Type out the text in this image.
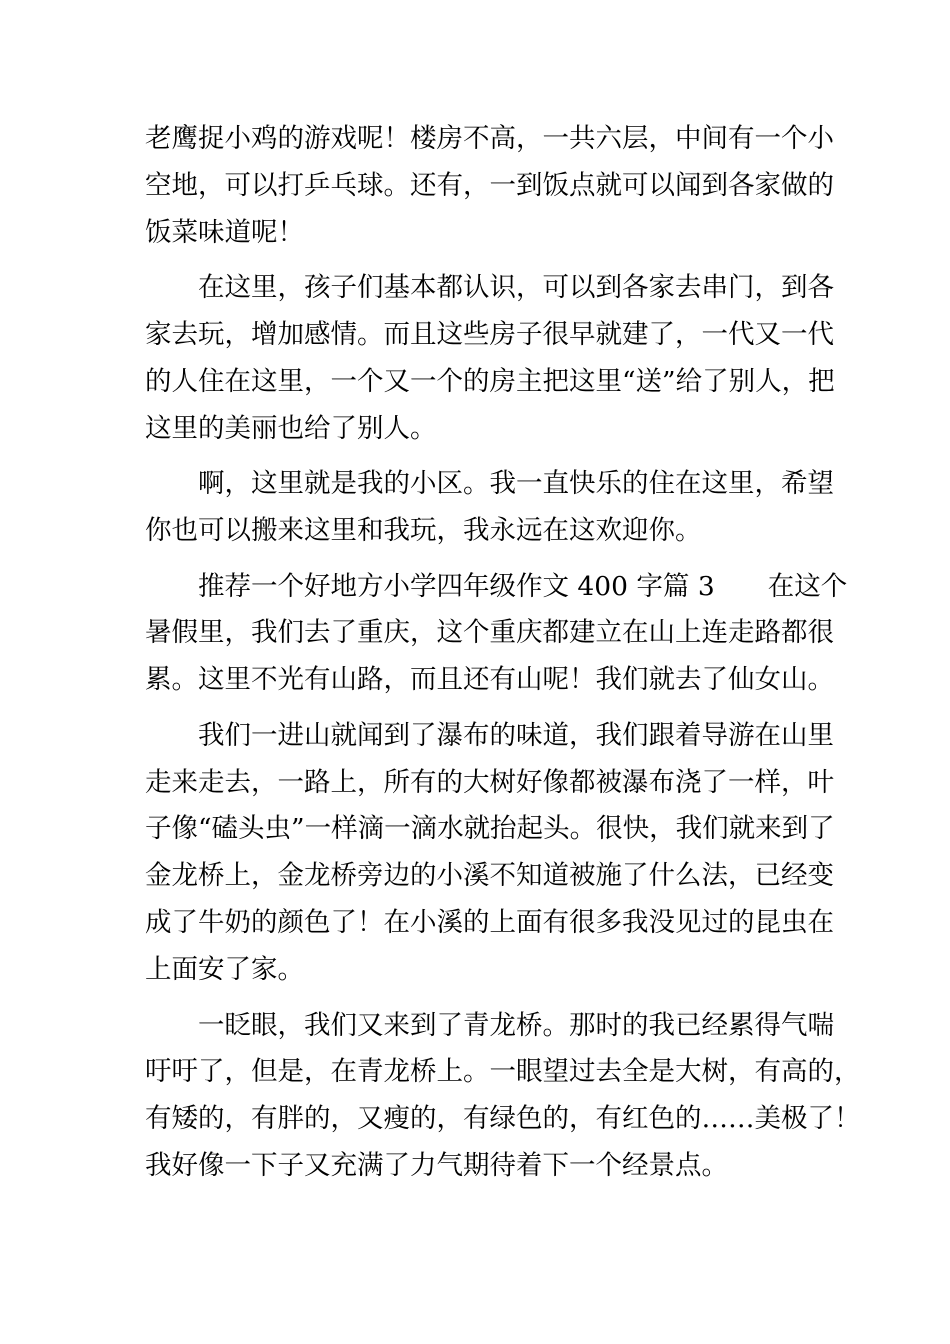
老鹰捉小鸡的游戏呢！楼房不高，一共六层，中间有一个小
空地，可以打乒乓球。还有，一到饭点就可以闻到各家做的
饭菜味道呢！
在这里，孩子们基本都认识，可以到各家去串门，到各
家去玩，增加感情。而且这些房子很早就建了，一代又一代
的人住在这里，一个又一个的房主把这里“送”给了别人，把
这里的美丽也给了别人。
啊，这里就是我的小区。我一直快乐的住在这里，希望
你也可以搬来这里和我玩，我永远在这欢迎你。
推荐一个好地方小学四年级作文 400 字篇 3　　在这个
暑假里，我们去了重庆，这个重庆都建立在山上连走路都很
累。这里不光有山路，而且还有山呢！我们就去了仙女山。
我们一进山就闻到了瀑布的味道，我们跟着导游在山里
走来走去，一路上，所有的大树好像都被瀑布浇了一样，叶
子像“磕头虫”一样滴一滴水就抬起头。很快，我们就来到了
金龙桥上，金龙桥旁边的小溪不知道被施了什么法，已经变
成了牛奶的颜色了！在小溪的上面有很多我没见过的昆虫在
上面安了家。
一眨眼，我们又来到了青龙桥。那时的我已经累得气喘
吁吁了，但是，在青龙桥上。一眼望过去全是大树，有高的，
有矮的，有胖的，又瘦的，有绿色的，有红色的……美极了！
我好像一下子又充满了力气期待着下一个经景点。
